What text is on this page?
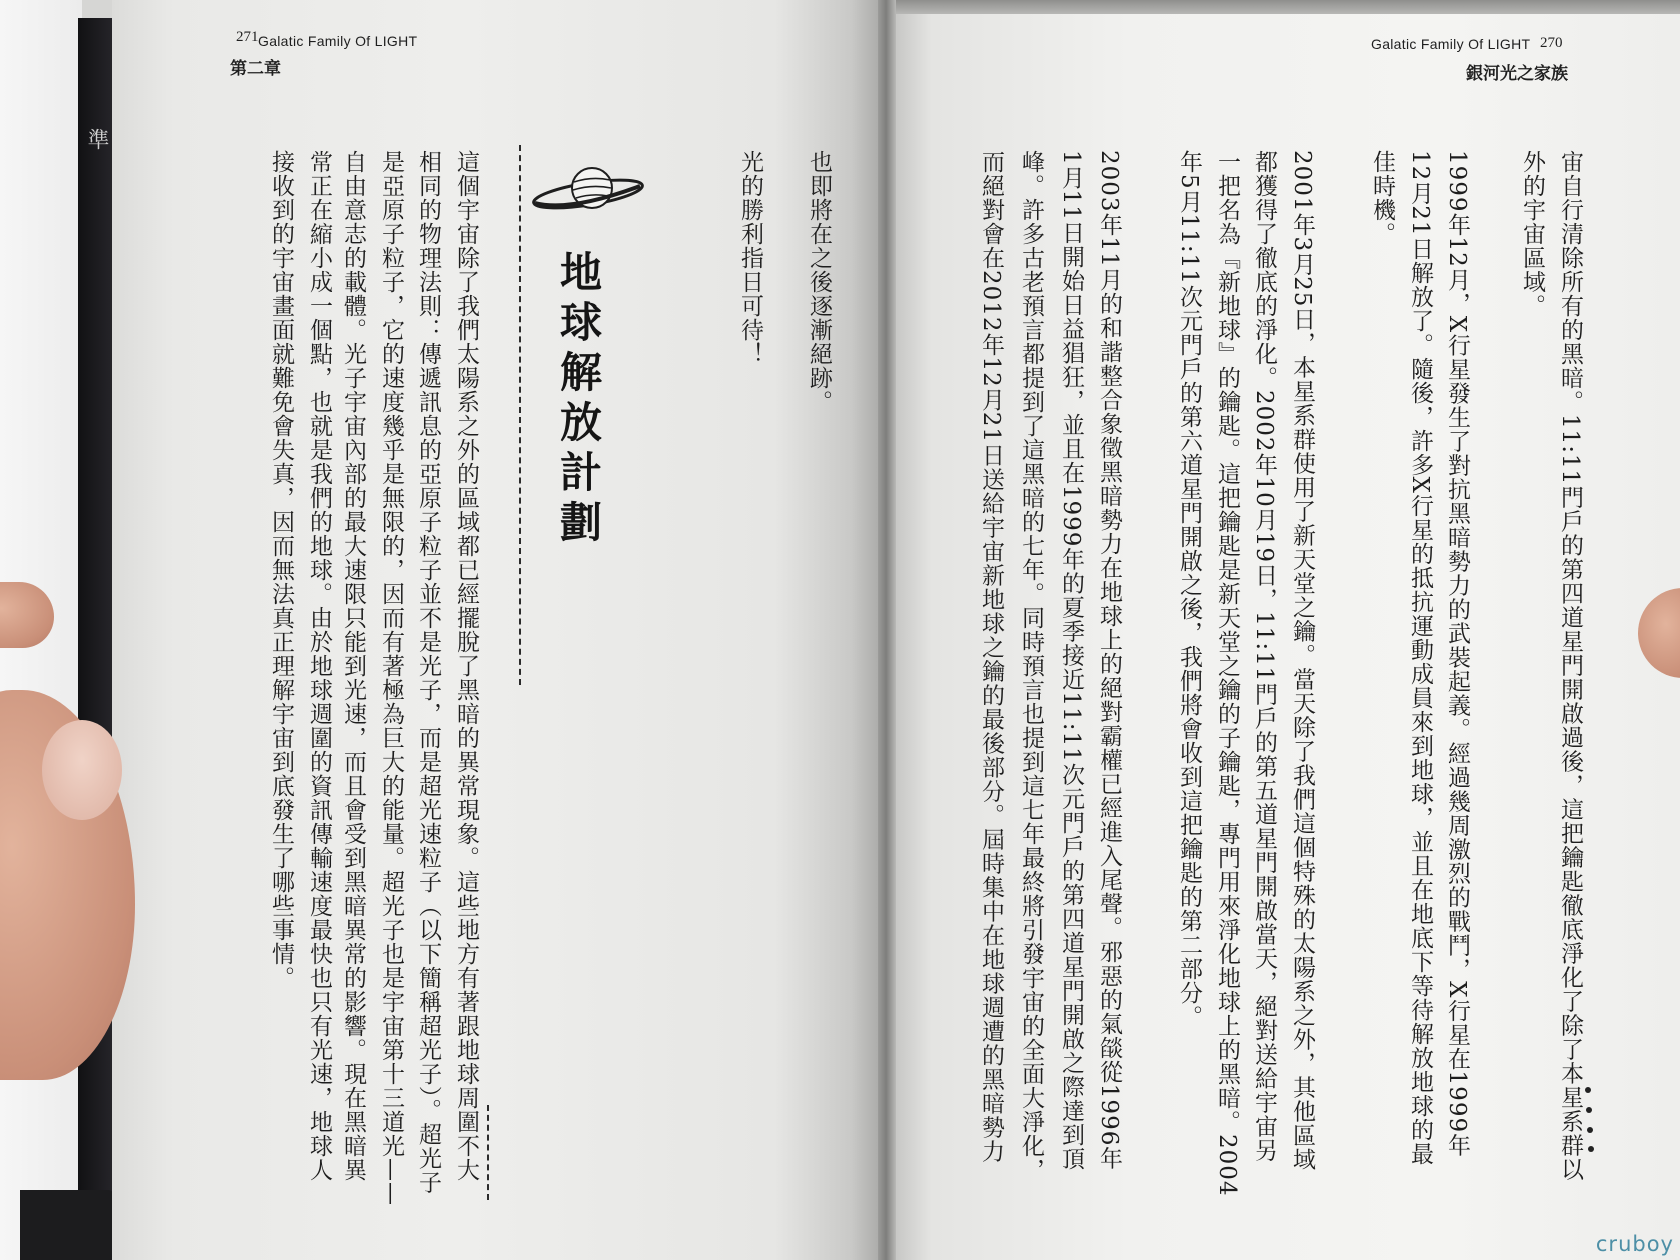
準
271 Galatic Family Of LIGHT
第二章
也即將在之後逐漸絕跡。
光的勝利指日可待！
地球解放計劃
這個宇宙除了我們太陽系之外的區域都已經擺脫了黑暗的異常現象。這些地方有著跟地球周圍不大
相同的物理法則：傳遞訊息的亞原子粒子並不是光子，而是超光速粒子（以下簡稱超光子）。超光子
是亞原子粒子，它的速度幾乎是無限的，因而有著極為巨大的能量。超光子也是宇宙第十三道光——
自由意志的載體。光子宇宙內部的最大速限只能到光速，而且會受到黑暗異常的影響。現在黑暗異
常正在縮小成一個點，也就是我們的地球。由於地球週圍的資訊傳輸速度最快也只有光速，地球人
接收到的宇宙畫面就難免會失真，因而無法真正理解宇宙到底發生了哪些事情。
Galatic Family Of LIGHT 270
銀河光之家族
宙自行清除所有的黑暗。11:11門戶的第四道星門開啟過後，這把鑰匙徹底淨化了除了本星系群以
外的宇宙區域。
1999年12月，X行星發生了對抗黑暗勢力的武裝起義。經過幾周激烈的戰鬥，X行星在1999年
12月21日解放了。隨後，許多X行星的抵抗運動成員來到地球，並且在地底下等待解放地球的最
佳時機。
2001年3月25日，本星系群使用了新天堂之鑰。當天除了我們這個特殊的太陽系之外，其他區域
都獲得了徹底的淨化。2002年10月19日，11:11門戶的第五道星門開啟當天，絕對送給宇宙另
一把名為『新地球』的鑰匙。這把鑰匙是新天堂之鑰的子鑰匙，專門用來淨化地球上的黑暗。2004
年5月11:11次元門戶的第六道星門開啟之後，我們將會收到這把鑰匙的第二部分。
2003年11月的和諧整合象徵黑暗勢力在地球上的絕對霸權已經進入尾聲。邪惡的氣燄從1996年
1月11日開始日益猖狂，並且在1999年的夏季接近11:11次元門戶的第四道星門開啟之際達到頂
峰。許多古老預言都提到了這黑暗的七年。同時預言也提到這七年最終將引發宇宙的全面大淨化，
而絕對會在2012年12月21日送給宇宙新地球之鑰的最後部分。屆時集中在地球週遭的黑暗勢力
cruboy
